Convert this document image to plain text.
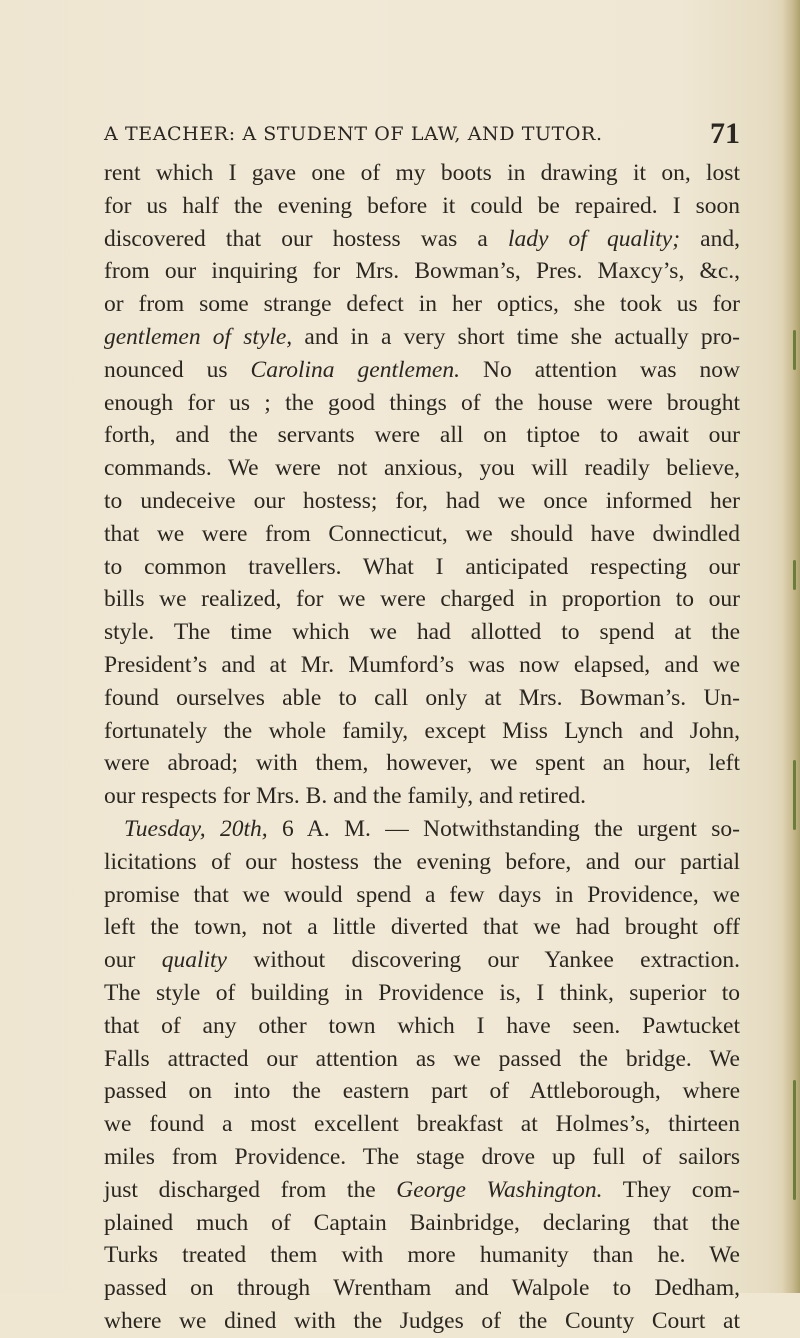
A TEACHER: A STUDENT OF LAW, AND TUTOR.	71
rent which I gave one of my boots in drawing it on, lost
for us half the evening before it could be repaired. I soon
discovered that our hostess was a lady of quality; and,
from our inquiring for Mrs. Bowman’s, Pres. Maxcy’s, &c.,
or from some strange defect in her optics, she took us for
gentlemen of style, and in a very short time she actually pro-
nounced us Carolina gentlemen. No attention was now
enough for us ; the good things of the house were brought
forth, and the servants were all on tiptoe to await our
commands. We were not anxious, you will readily believe,
to undeceive our hostess; for, had we once informed her
that we were from Connecticut, we should have dwindled
to common travellers. What I anticipated respecting our
bills we realized, for we were charged in proportion to our
style. The time which we had allotted to spend at the
President’s and at Mr. Mumford’s was now elapsed, and we
found ourselves able to call only at Mrs. Bowman’s. Un-
fortunately the whole family, except Miss Lynch and John,
were abroad; with them, however, we spent an hour, left
our respects for Mrs. B. and the family, and retired.
Tuesday, 20th, 6 A. M. — Notwithstanding the urgent so-
licitations of our hostess the evening before, and our partial
promise that we would spend a few days in Providence, we
left the town, not a little diverted that we had brought off
our quality without discovering our Yankee extraction.
The style of building in Providence is, I think, superior to
that of any other town which I have seen. Pawtucket
Falls attracted our attention as we passed the bridge. We
passed on into the eastern part of Attleborough, where
we found a most excellent breakfast at Holmes’s, thirteen
miles from Providence. The stage drove up full of sailors
just discharged from the George Washington. They com-
plained much of Captain Bainbridge, declaring that the
Turks treated them with more humanity than he. We
passed on through Wrentham and Walpole to Dedham,
where we dined with the Judges of the County Court at
